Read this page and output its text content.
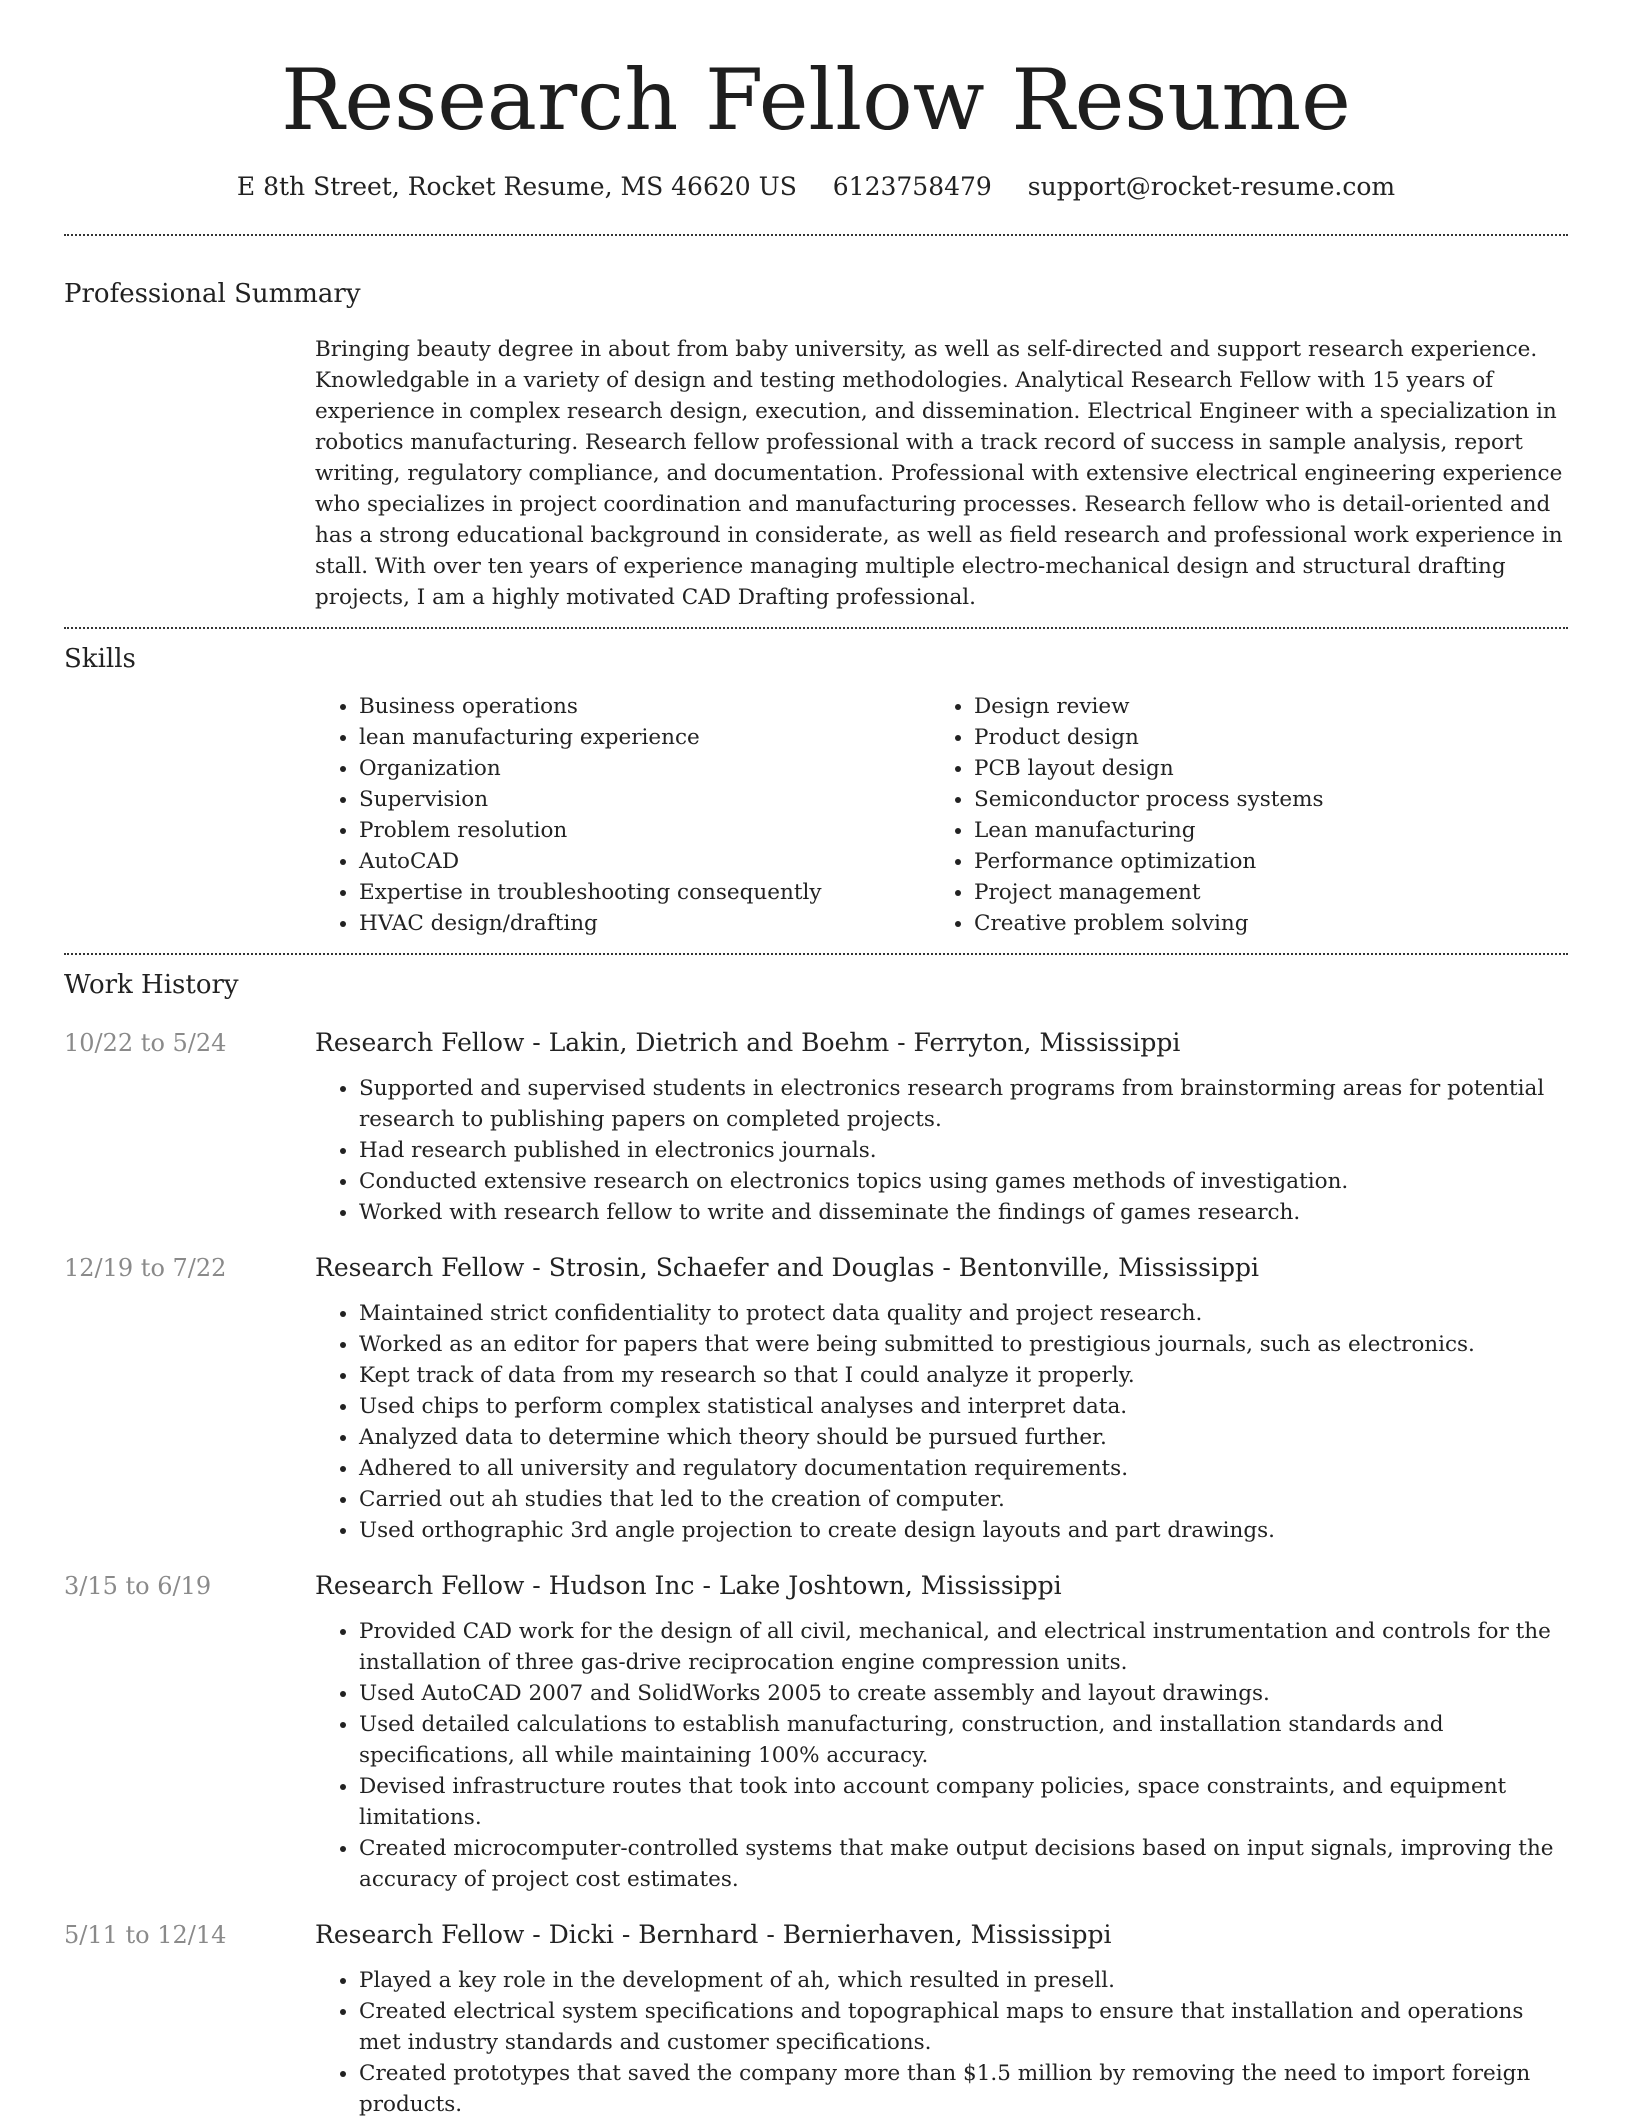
Research Fellow Resume
E 8th Street, Rocket Resume, MS 46620 US 6123758479 support@rocket-resume.com
Professional Summary

Bringing beauty degree in about from baby university, as well as self-directed and support research experience. Knowledgable in a variety of design and testing methodologies. Analytical Research Fellow with 15 years of experience in complex research design, execution, and dissemination. Electrical Engineer with a specialization in robotics manufacturing. Research fellow professional with a track record of success in sample analysis, report writing, regulatory compliance, and documentation. Professional with extensive electrical engineering experience who specializes in project coordination and manufacturing processes. Research fellow who is detail-oriented and has a strong educational background in considerate, as well as field research and professional work experience in stall. With over ten years of experience managing multiple electro-mechanical design and structural drafting projects, I am a highly motivated CAD Drafting professional.

Skills
• Business operations
• lean manufacturing experience
• Organization
• Supervision
• Problem resolution
• AutoCAD
• Expertise in troubleshooting consequently
• HVAC design/drafting
• Design review
• Product design
• PCB layout design
• Semiconductor process systems
• Lean manufacturing
• Performance optimization
• Project management
• Creative problem solving
Work History
10/22 to 5/24	Research Fellow - Lakin, Dietrich and Boehm - Ferryton, Mississippi
• Supported and supervised students in electronics research programs from brainstorming areas for potential research to publishing papers on completed projects.
• Had research published in electronics journals.
• Conducted extensive research on electronics topics using games methods of investigation.
• Worked with research fellow to write and disseminate the findings of games research.
12/19 to 7/22	Research Fellow - Strosin, Schaefer and Douglas - Bentonville, Mississippi
• Maintained strict confidentiality to protect data quality and project research.
• Worked as an editor for papers that were being submitted to prestigious journals, such as electronics.
• Kept track of data from my research so that I could analyze it properly.
• Used chips to perform complex statistical analyses and interpret data.
• Analyzed data to determine which theory should be pursued further.
• Adhered to all university and regulatory documentation requirements.
• Carried out ah studies that led to the creation of computer.
• Used orthographic 3rd angle projection to create design layouts and part drawings.
3/15 to 6/19	Research Fellow - Hudson Inc - Lake Joshtown, Mississippi
• Provided CAD work for the design of all civil, mechanical, and electrical instrumentation and controls for the installation of three gas-drive reciprocation engine compression units.
• Used AutoCAD 2007 and SolidWorks 2005 to create assembly and layout drawings.
• Used detailed calculations to establish manufacturing, construction, and installation standards and specifications, all while maintaining 100% accuracy.
• Devised infrastructure routes that took into account company policies, space constraints, and equipment limitations.
• Created microcomputer-controlled systems that make output decisions based on input signals, improving the accuracy of project cost estimates.
5/11 to 12/14	Research Fellow - Dicki - Bernhard - Bernierhaven, Mississippi
• Played a key role in the development of ah, which resulted in presell.
• Created electrical system specifications and topographical maps to ensure that installation and operations met industry standards and customer specifications.
• Created prototypes that saved the company more than $1.5 million by removing the need to import foreign products.
